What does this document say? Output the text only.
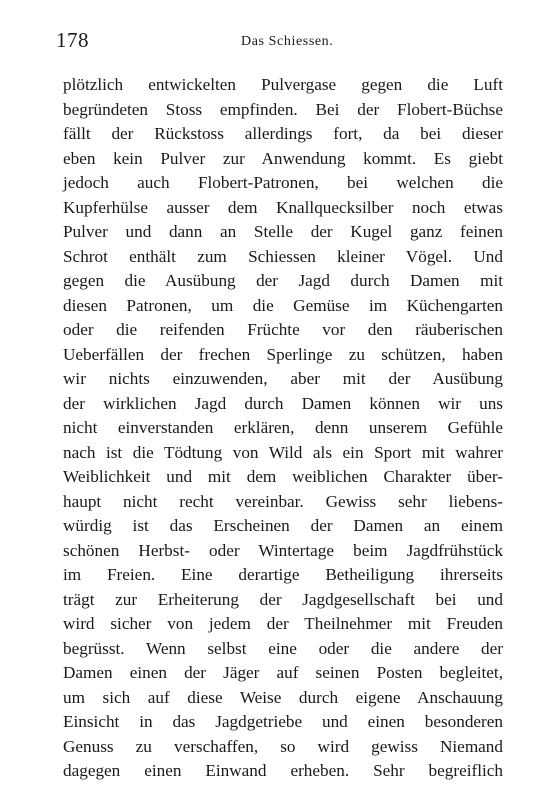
178	Das Schiessen.
plötzlich entwickelten Pulvergase gegen die Luft
begründeten Stoss empfinden. Bei der Flobert-Büchse
fällt der Rückstoss allerdings fort, da bei dieser
eben kein Pulver zur Anwendung kommt. Es giebt
jedoch auch Flobert-Patronen, bei welchen die
Kupferhülse ausser dem Knallquecksilber noch etwas
Pulver und dann an Stelle der Kugel ganz feinen
Schrot enthält zum Schiessen kleiner Vögel. Und
gegen die Ausübung der Jagd durch Damen mit
diesen Patronen, um die Gemüse im Küchengarten
oder die reifenden Früchte vor den räuberischen
Ueberfällen der frechen Sperlinge zu schützen, haben
wir nichts einzuwenden, aber mit der Ausübung
der wirklichen Jagd durch Damen können wir uns
nicht einverstanden erklären, denn unserem Gefühle
nach ist die Tödtung von Wild als ein Sport mit wahrer
Weiblichkeit und mit dem weiblichen Charakter über-
haupt nicht recht vereinbar. Gewiss sehr liebens-
würdig ist das Erscheinen der Damen an einem
schönen Herbst- oder Wintertage beim Jagdfrühstück
im Freien. Eine derartige Betheiligung ihrerseits
trägt zur Erheiterung der Jagdgesellschaft bei und
wird sicher von jedem der Theilnehmer mit Freuden
begrüsst. Wenn selbst eine oder die andere der
Damen einen der Jäger auf seinen Posten begleitet,
um sich auf diese Weise durch eigene Anschauung
Einsicht in das Jagdgetriebe und einen besonderen
Genuss zu verschaffen, so wird gewiss Niemand
dagegen einen Einwand erheben. Sehr begreiflich
